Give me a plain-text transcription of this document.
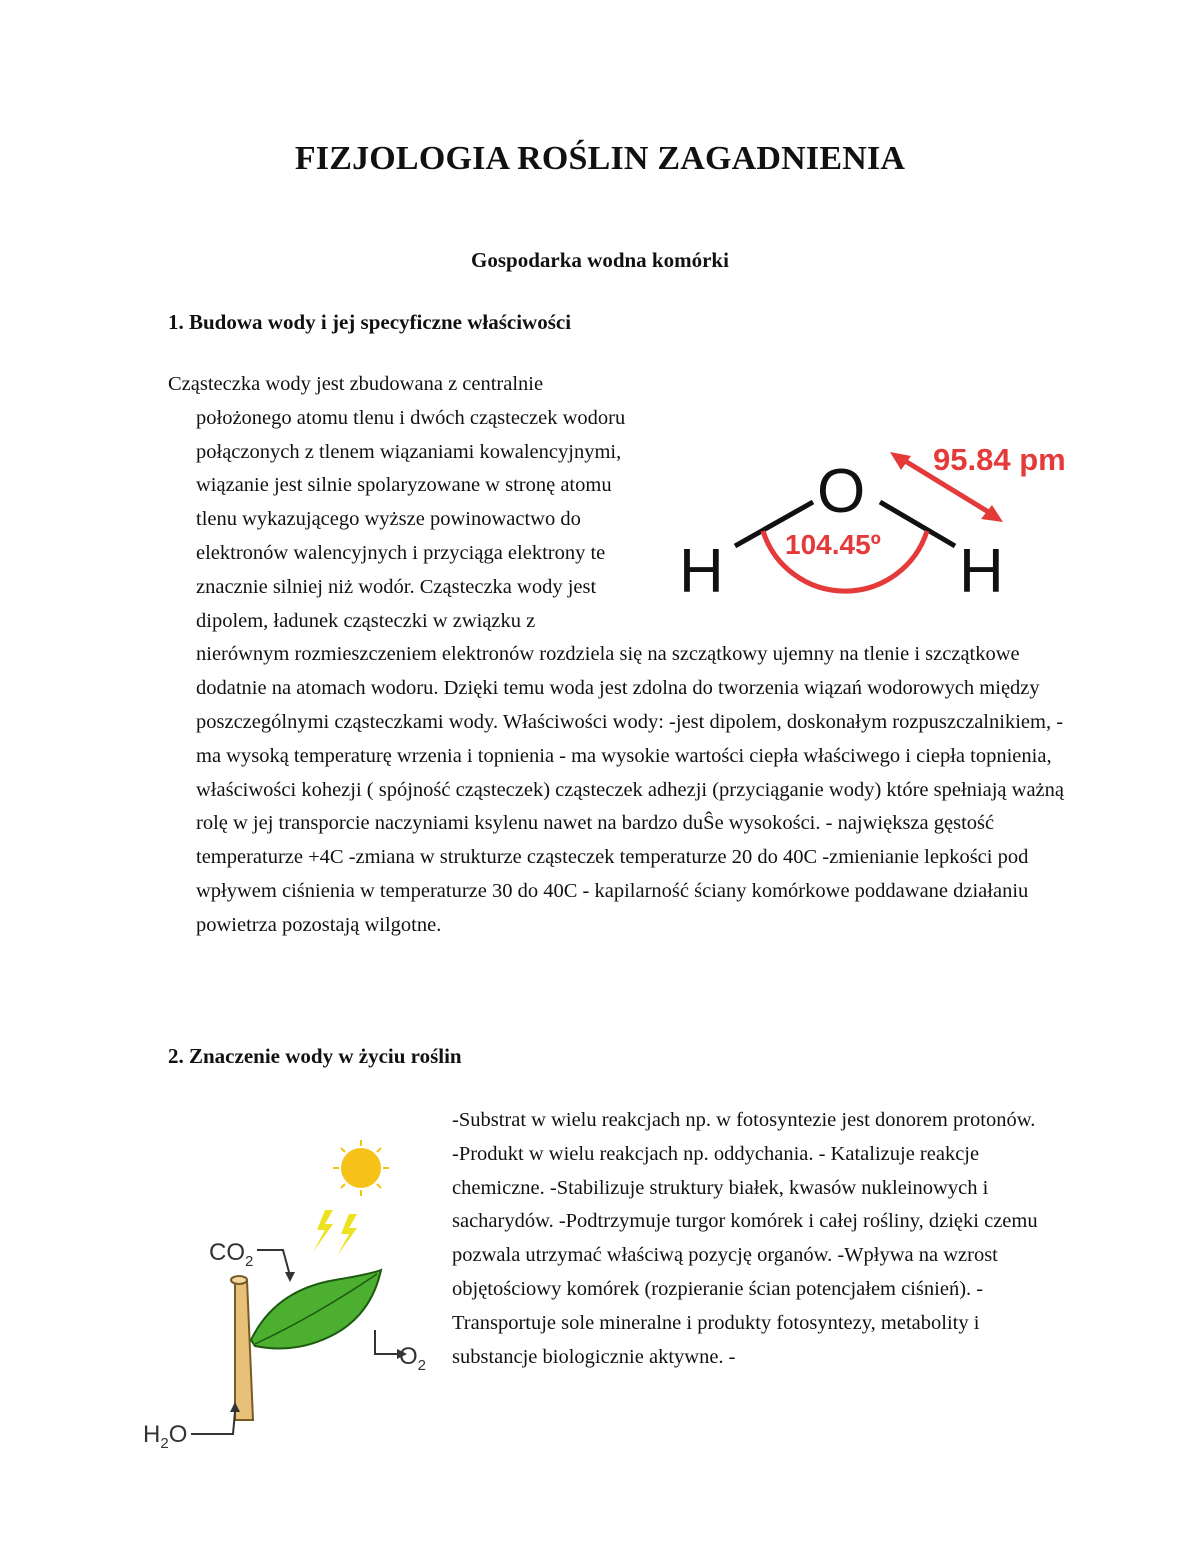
FIZJOLOGIA ROŚLIN ZAGADNIENIA
Gospodarka wodna komórki
1. Budowa wody i jej specyficzne właściwości
O
H	H
104.45º
95.84 pm

Cząsteczka wody jest zbudowana z centralnie położonego atomu tlenu i dwóch cząsteczek wodoru połączonych z tlenem wiązaniami kowalencyjnymi, wiązanie jest silnie spolaryzowane w stronę atomu tlenu wykazującego wyższe powinowactwo do elektronów walencyjnych i przyciąga elektrony te znacznie silniej niż wodór. Cząsteczka wody jest dipolem, ładunek cząsteczki w związku z nierównym rozmieszczeniem elektronów rozdziela się na szczątkowy ujemny na tlenie i szczątkowe dodatnie na atomach wodoru. Dzięki temu woda jest zdolna do tworzenia wiązań wodorowych między poszczególnymi cząsteczkami wody. Właściwości wody: -jest dipolem, doskonałym rozpuszczalnikiem, -ma wysoką temperaturę wrzenia i topnienia - ma wysokie wartości ciepła właściwego i ciepła topnienia, właściwości kohezji ( spójność cząsteczek) cząsteczek adhezji (przyciąganie wody) które spełniają ważną rolę w jej transporcie naczyniami ksylenu nawet na bardzo duŜe wysokości. - największa gęstość temperaturze +4C -zmiana w strukturze cząsteczek temperaturze 20 do 40C -zmienianie lepkości pod wpływem ciśnienia w temperaturze 30 do 40C - kapilarność ściany komórkowe poddawane działaniu powietrza pozostają wilgotne.

2. Znaczenie wody w życiu roślin
$CO_2$
$O_2$
$H_2O$

-Substrat w wielu reakcjach np. w fotosyntezie jest donorem protonów. -Produkt w wielu reakcjach np. oddychania. - Katalizuje reakcje chemiczne. -Stabilizuje struktury białek, kwasów nukleinowych i sacharydów. -Podtrzymuje turgor komórek i całej rośliny, dzięki czemu pozwala utrzymać właściwą pozycję organów. -Wpływa na wzrost objętościowy komórek (rozpieranie ścian potencjałem ciśnień). -Transportuje sole mineralne i produkty fotosyntezy, metabolity i substancje biologicznie aktywne. -
